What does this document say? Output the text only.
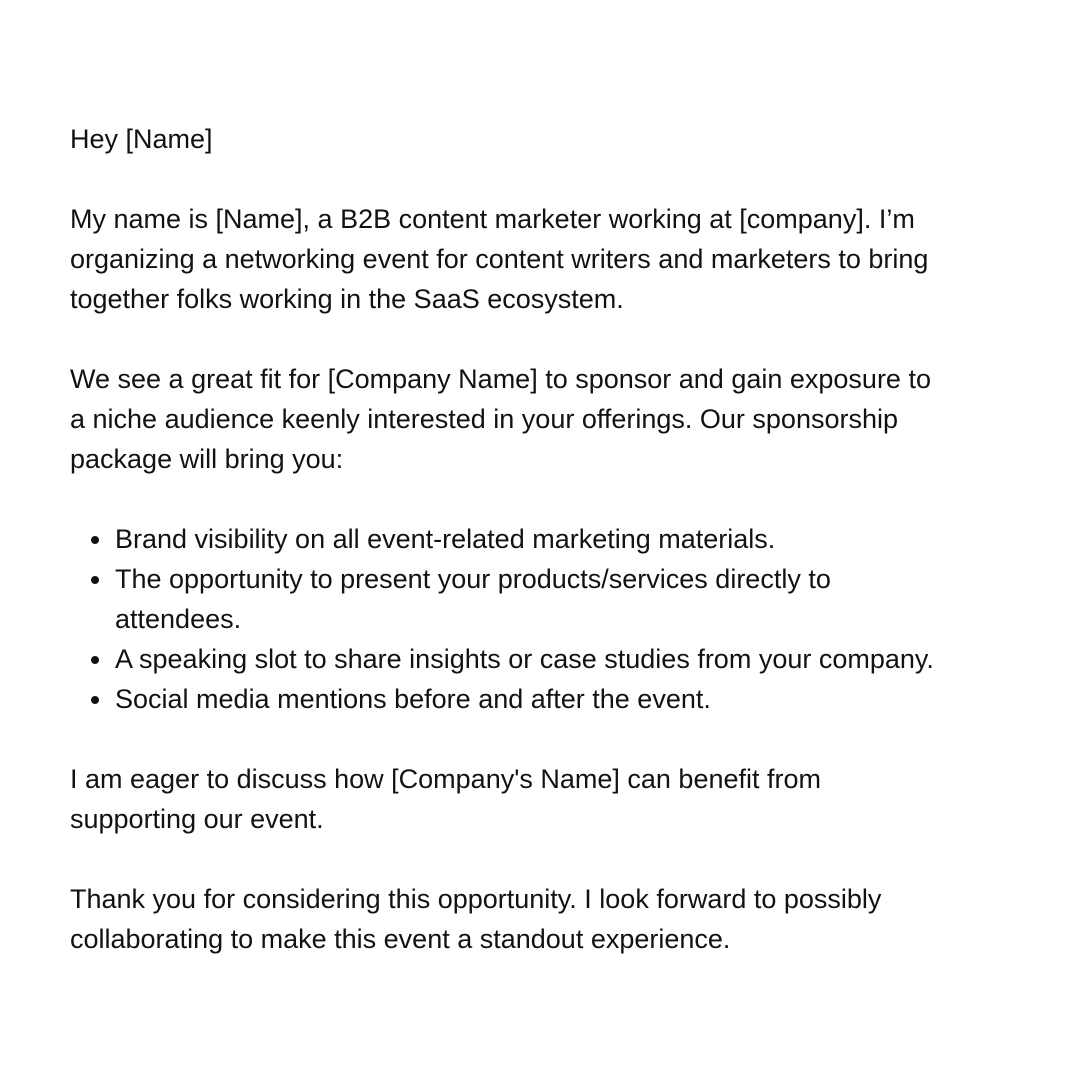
Hey [Name]

My name is [Name], a B2B content marketer working at [company]. I’m
organizing a networking event for content writers and marketers to bring
together folks working in the SaaS ecosystem.

We see a great fit for [Company Name] to sponsor and gain exposure to
a niche audience keenly interested in your offerings. Our sponsorship
package will bring you:

Brand visibility on all event-related marketing materials.
The opportunity to present your products/services directly to
attendees.
A speaking slot to share insights or case studies from your company.
Social media mentions before and after the event.

I am eager to discuss how [Company's Name] can benefit from
supporting our event.

Thank you for considering this opportunity. I look forward to possibly
collaborating to make this event a standout experience.
